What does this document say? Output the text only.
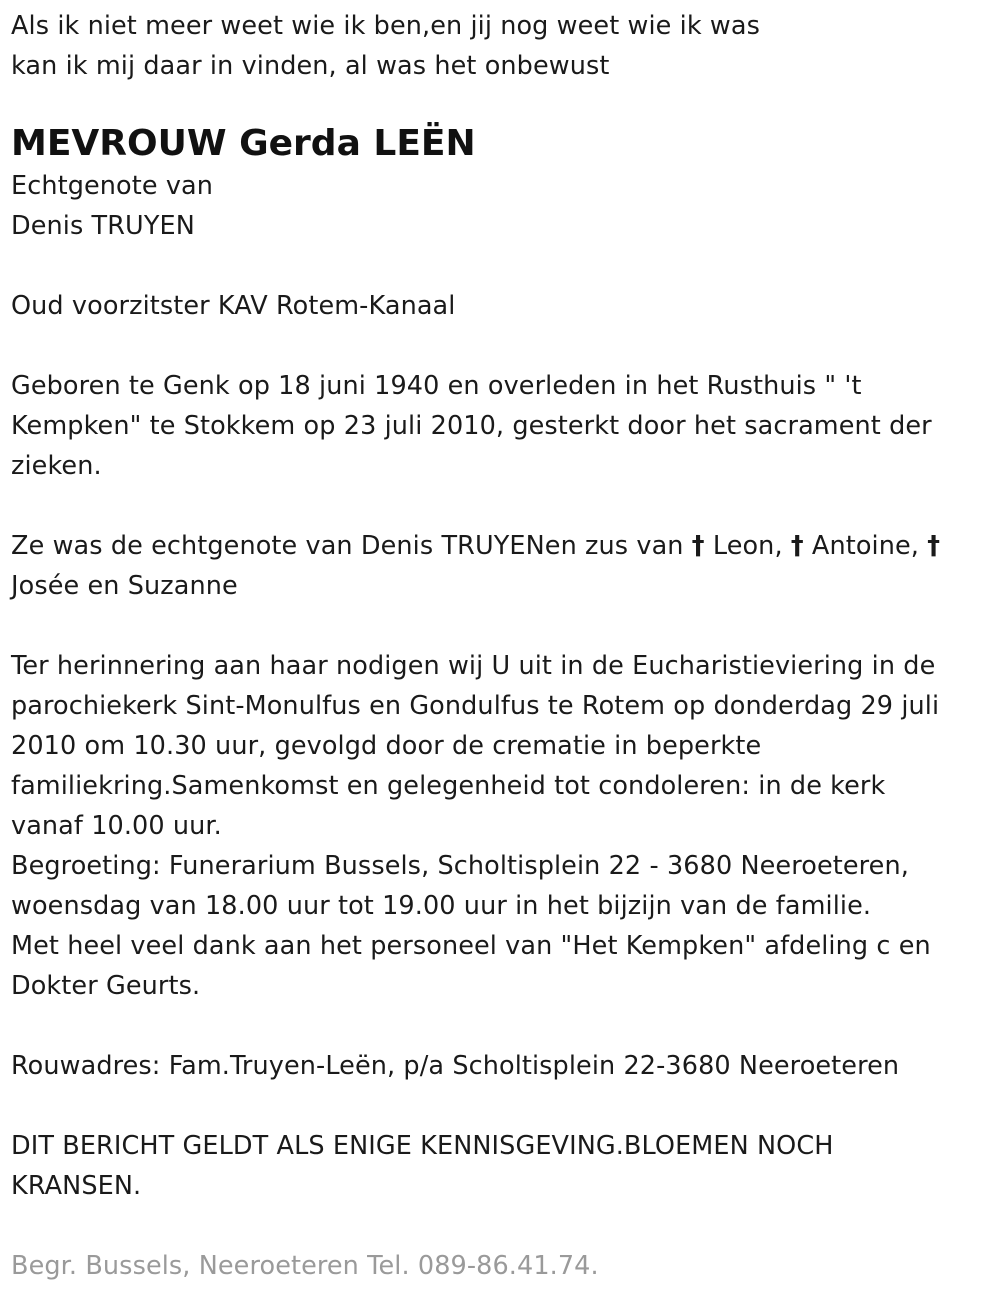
Als ik niet meer weet wie ik ben,en jij nog weet wie ik was
kan ik mij daar in vinden, al was het onbewust
MEVROUW Gerda LEËN
Echtgenote van
Denis TRUYEN
Oud voorzitster KAV Rotem-Kanaal
Geboren te Genk op 18 juni 1940 en overleden in het Rusthuis " 't
Kempken" te Stokkem op 23 juli 2010, gesterkt door het sacrament der
zieken.
Ze was de echtgenote van Denis TRUYENen zus van † Leon, † Antoine, †
Josée en Suzanne
Ter herinnering aan haar nodigen wij U uit in de Eucharistieviering in de
parochiekerk Sint-Monulfus en Gondulfus te Rotem op donderdag 29 juli
2010 om 10.30 uur, gevolgd door de crematie in beperkte
familiekring.Samenkomst en gelegenheid tot condoleren: in de kerk
vanaf 10.00 uur.
Begroeting: Funerarium Bussels, Scholtisplein 22 - 3680 Neeroeteren,
woensdag van 18.00 uur tot 19.00 uur in het bijzijn van de familie.
Met heel veel dank aan het personeel van "Het Kempken" afdeling c en
Dokter Geurts.
Rouwadres: Fam.Truyen-Leën, p/a Scholtisplein 22-3680 Neeroeteren
DIT BERICHT GELDT ALS ENIGE KENNISGEVING.BLOEMEN NOCH
KRANSEN.
Begr. Bussels, Neeroeteren Tel. 089-86.41.74.
